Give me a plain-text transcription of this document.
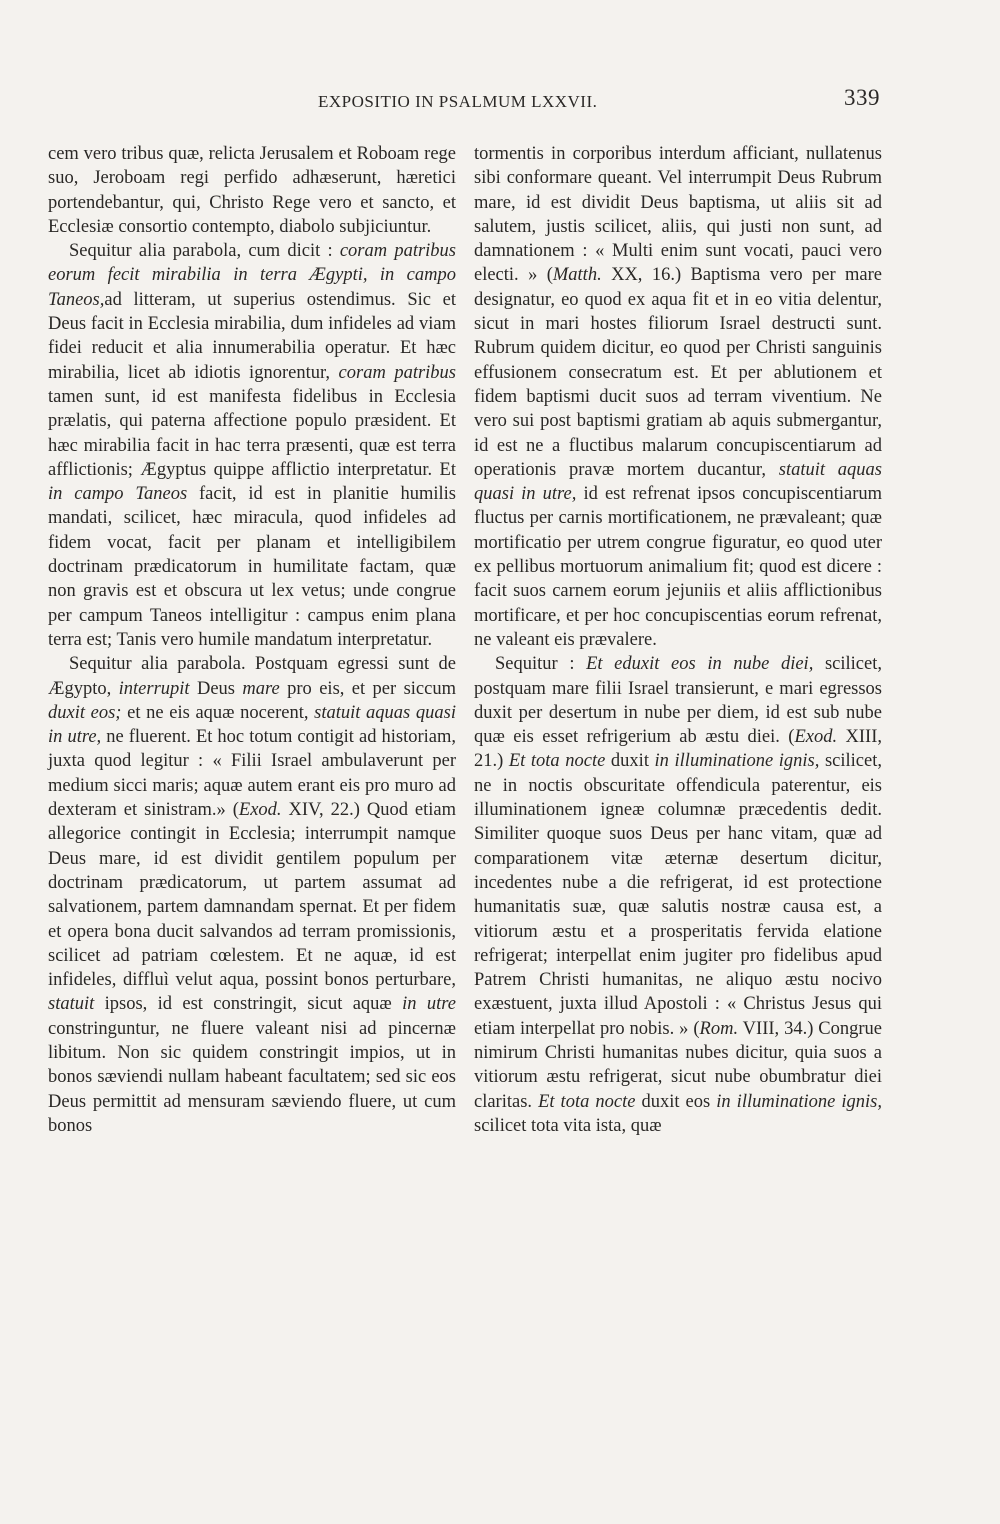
EXPOSITIO IN PSALMUM LXXVII.	339

cem vero tribus quæ, relicta Jerusalem et Roboam rege suo, Jeroboam regi perfido adhæserunt, hæretici portendebantur, qui, Christo Rege vero et sancto, et Ecclesiæ consortio contempto, diabolo subjiciuntur.

Sequitur alia parabola, cum dicit : coram patribus eorum fecit mirabilia in terra Ægypti, in campo Taneos,ad litteram, ut superius ostendimus. Sic et Deus facit in Ecclesia mirabilia, dum infideles ad viam fidei reducit et alia innumerabilia operatur. Et hæc mirabilia, licet ab idiotis ignorentur, coram patribus tamen sunt, id est manifesta fidelibus in Ecclesia prælatis, qui paterna affectione populo præsident. Et hæc mirabilia facit in hac terra præsenti, quæ est terra afflictionis; Ægyptus quippe afflictio interpretatur. Et in campo Taneos facit, id est in planitie humilis mandati, scilicet, hæc miracula, quod infideles ad fidem vocat, facit per planam et intelligibilem doctrinam prædicatorum in humilitate factam, quæ non gravis est et obscura ut lex vetus; unde congrue per campum Taneos intelligitur : campus enim plana terra est; Tanis vero humile mandatum interpretatur.

Sequitur alia parabola. Postquam egressi sunt de Ægypto, interrupit Deus mare pro eis, et per siccum duxit eos; et ne eis aquæ nocerent, statuit aquas quasi in utre, ne fluerent. Et hoc totum contigit ad historiam, juxta quod legitur : « Filii Israel ambulaverunt per medium sicci maris; aquæ autem erant eis pro muro ad dexteram et sinistram.» (Exod. XIV, 22.) Quod etiam allegorice contingit in Ecclesia; interrumpit namque Deus mare, id est dividit gentilem populum per doctrinam prædicatorum, ut partem assumat ad salvationem, partem damnandam spernat. Et per fidem et opera bona ducit salvandos ad terram promissionis, scilicet ad patriam cœlestem. Et ne aquæ, id est infideles, diffluì velut aqua, possint bonos perturbare, statuit ipsos, id est constringit, sicut aquæ in utre constringuntur, ne fluere valeant nisi ad pincernæ libitum. Non sic quidem constringit impios, ut in bonos sæviendi nullam habeant facultatem; sed sic eos Deus permittit ad mensuram sæviendo fluere, ut cum bonos

tormentis in corporibus interdum afficiant, nullatenus sibi conformare queant. Vel interrumpit Deus Rubrum mare, id est dividit Deus baptisma, ut aliis sit ad salutem, justis scilicet, aliis, qui justi non sunt, ad damnationem : « Multi enim sunt vocati, pauci vero electi. » (Matth. XX, 16.) Baptisma vero per mare designatur, eo quod ex aqua fit et in eo vitia delentur, sicut in mari hostes filiorum Israel destructi sunt. Rubrum quidem dicitur, eo quod per Christi sanguinis effusionem consecratum est. Et per ablutionem et fidem baptismi ducit suos ad terram viventium. Ne vero sui post baptismi gratiam ab aquis submergantur, id est ne a fluctibus malarum concupiscentiarum ad operationis pravæ mortem ducantur, statuit aquas quasi in utre, id est refrenat ipsos concupiscentiarum fluctus per carnis mortificationem, ne prævaleant; quæ mortificatio per utrem congrue figuratur, eo quod uter ex pellibus mortuorum animalium fit; quod est dicere : facit suos carnem eorum jejuniis et aliis afflictionibus mortificare, et per hoc concupiscentias eorum refrenat, ne valeant eis prævalere.

Sequitur : Et eduxit eos in nube diei, scilicet, postquam mare filii Israel transierunt, e mari egressos duxit per desertum in nube per diem, id est sub nube quæ eis esset refrigerium ab æstu diei. (Exod. XIII, 21.) Et tota nocte duxit in illuminatione ignis, scilicet, ne in noctis obscuritate offendicula paterentur, eis illuminationem igneæ columnæ præcedentis dedit. Similiter quoque suos Deus per hanc vitam, quæ ad comparationem vitæ æternæ desertum dicitur, incedentes nube a die refrigerat, id est protectione humanitatis suæ, quæ salutis nostræ causa est, a vitiorum æstu et a prosperitatis fervida elatione refrigerat; interpellat enim jugiter pro fidelibus apud Patrem Christi humanitas, ne aliquo æstu nocivo exæstuent, juxta illud Apostoli : « Christus Jesus qui etiam interpellat pro nobis. » (Rom. VIII, 34.) Congrue nimirum Christi humanitas nubes dicitur, quia suos a vitiorum æstu refrigerat, sicut nube obumbratur diei claritas. Et tota nocte duxit eos in illuminatione ignis, scilicet tota vita ista, quæ
